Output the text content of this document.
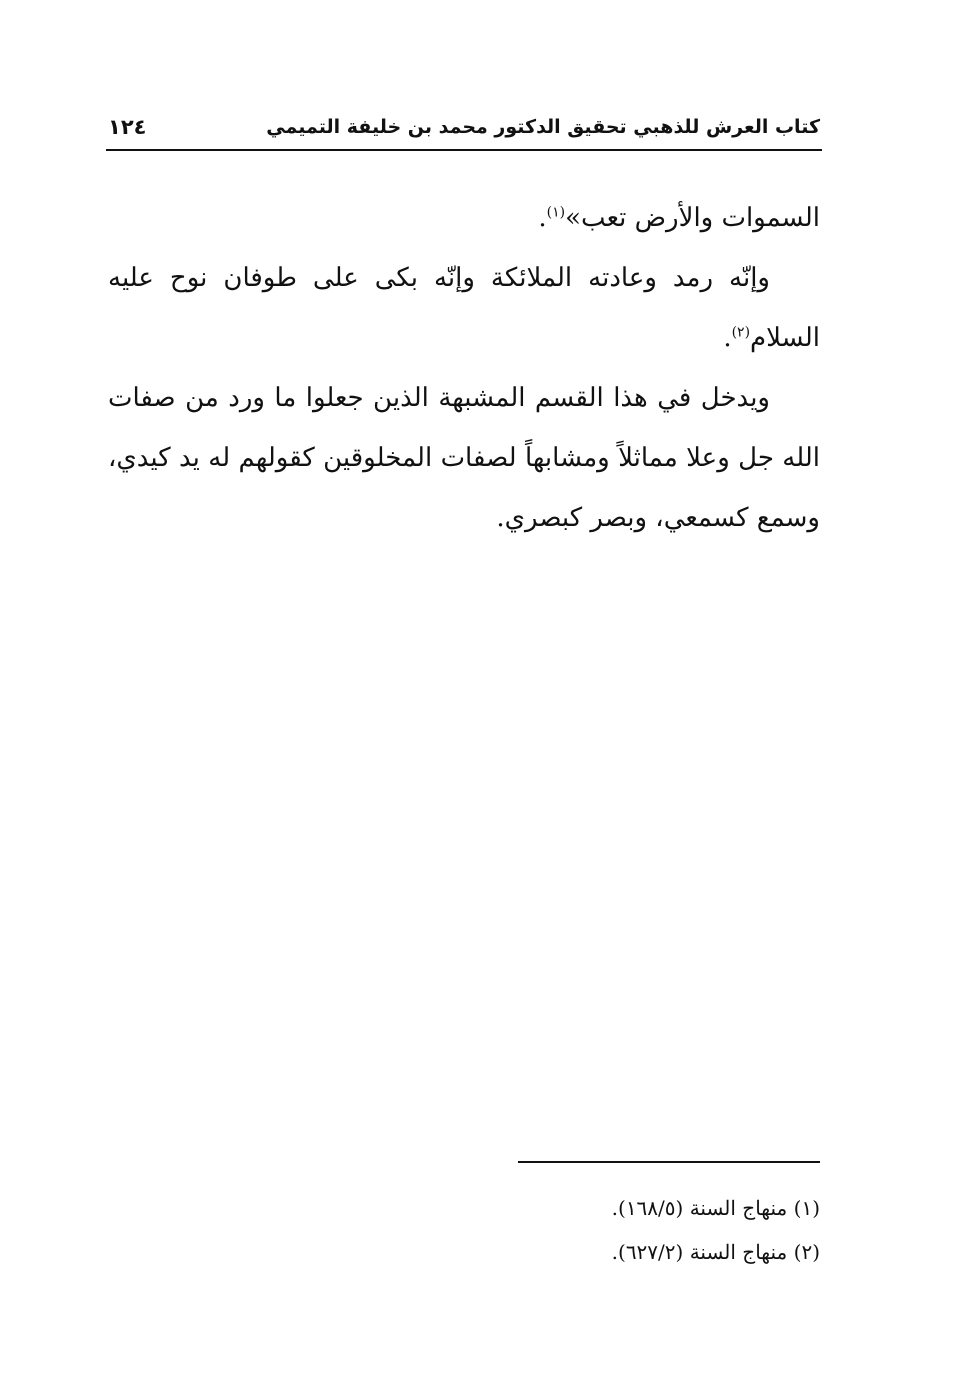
كتاب العرش للذهبي تحقيق الدكتور محمد بن خليفة التميمي
١٢٤

السموات والأرض تعب»$^{(١)}$.

وإنّه رمد وعادته الملائكة وإنّه بكى على طوفان نوح عليه السلام$^{(٢)}$.

ويدخل في هذا القسم المشبهة الذين جعلوا ما ورد من صفات الله جل وعلا مماثلاً ومشابهاً لصفات المخلوقين كقولهم له يد كيدي، وسمع كسمعي، وبصر كبصري.

(١) منهاج السنة (١٦٨/٥).

(٢) منهاج السنة (٦٢٧/٢).
